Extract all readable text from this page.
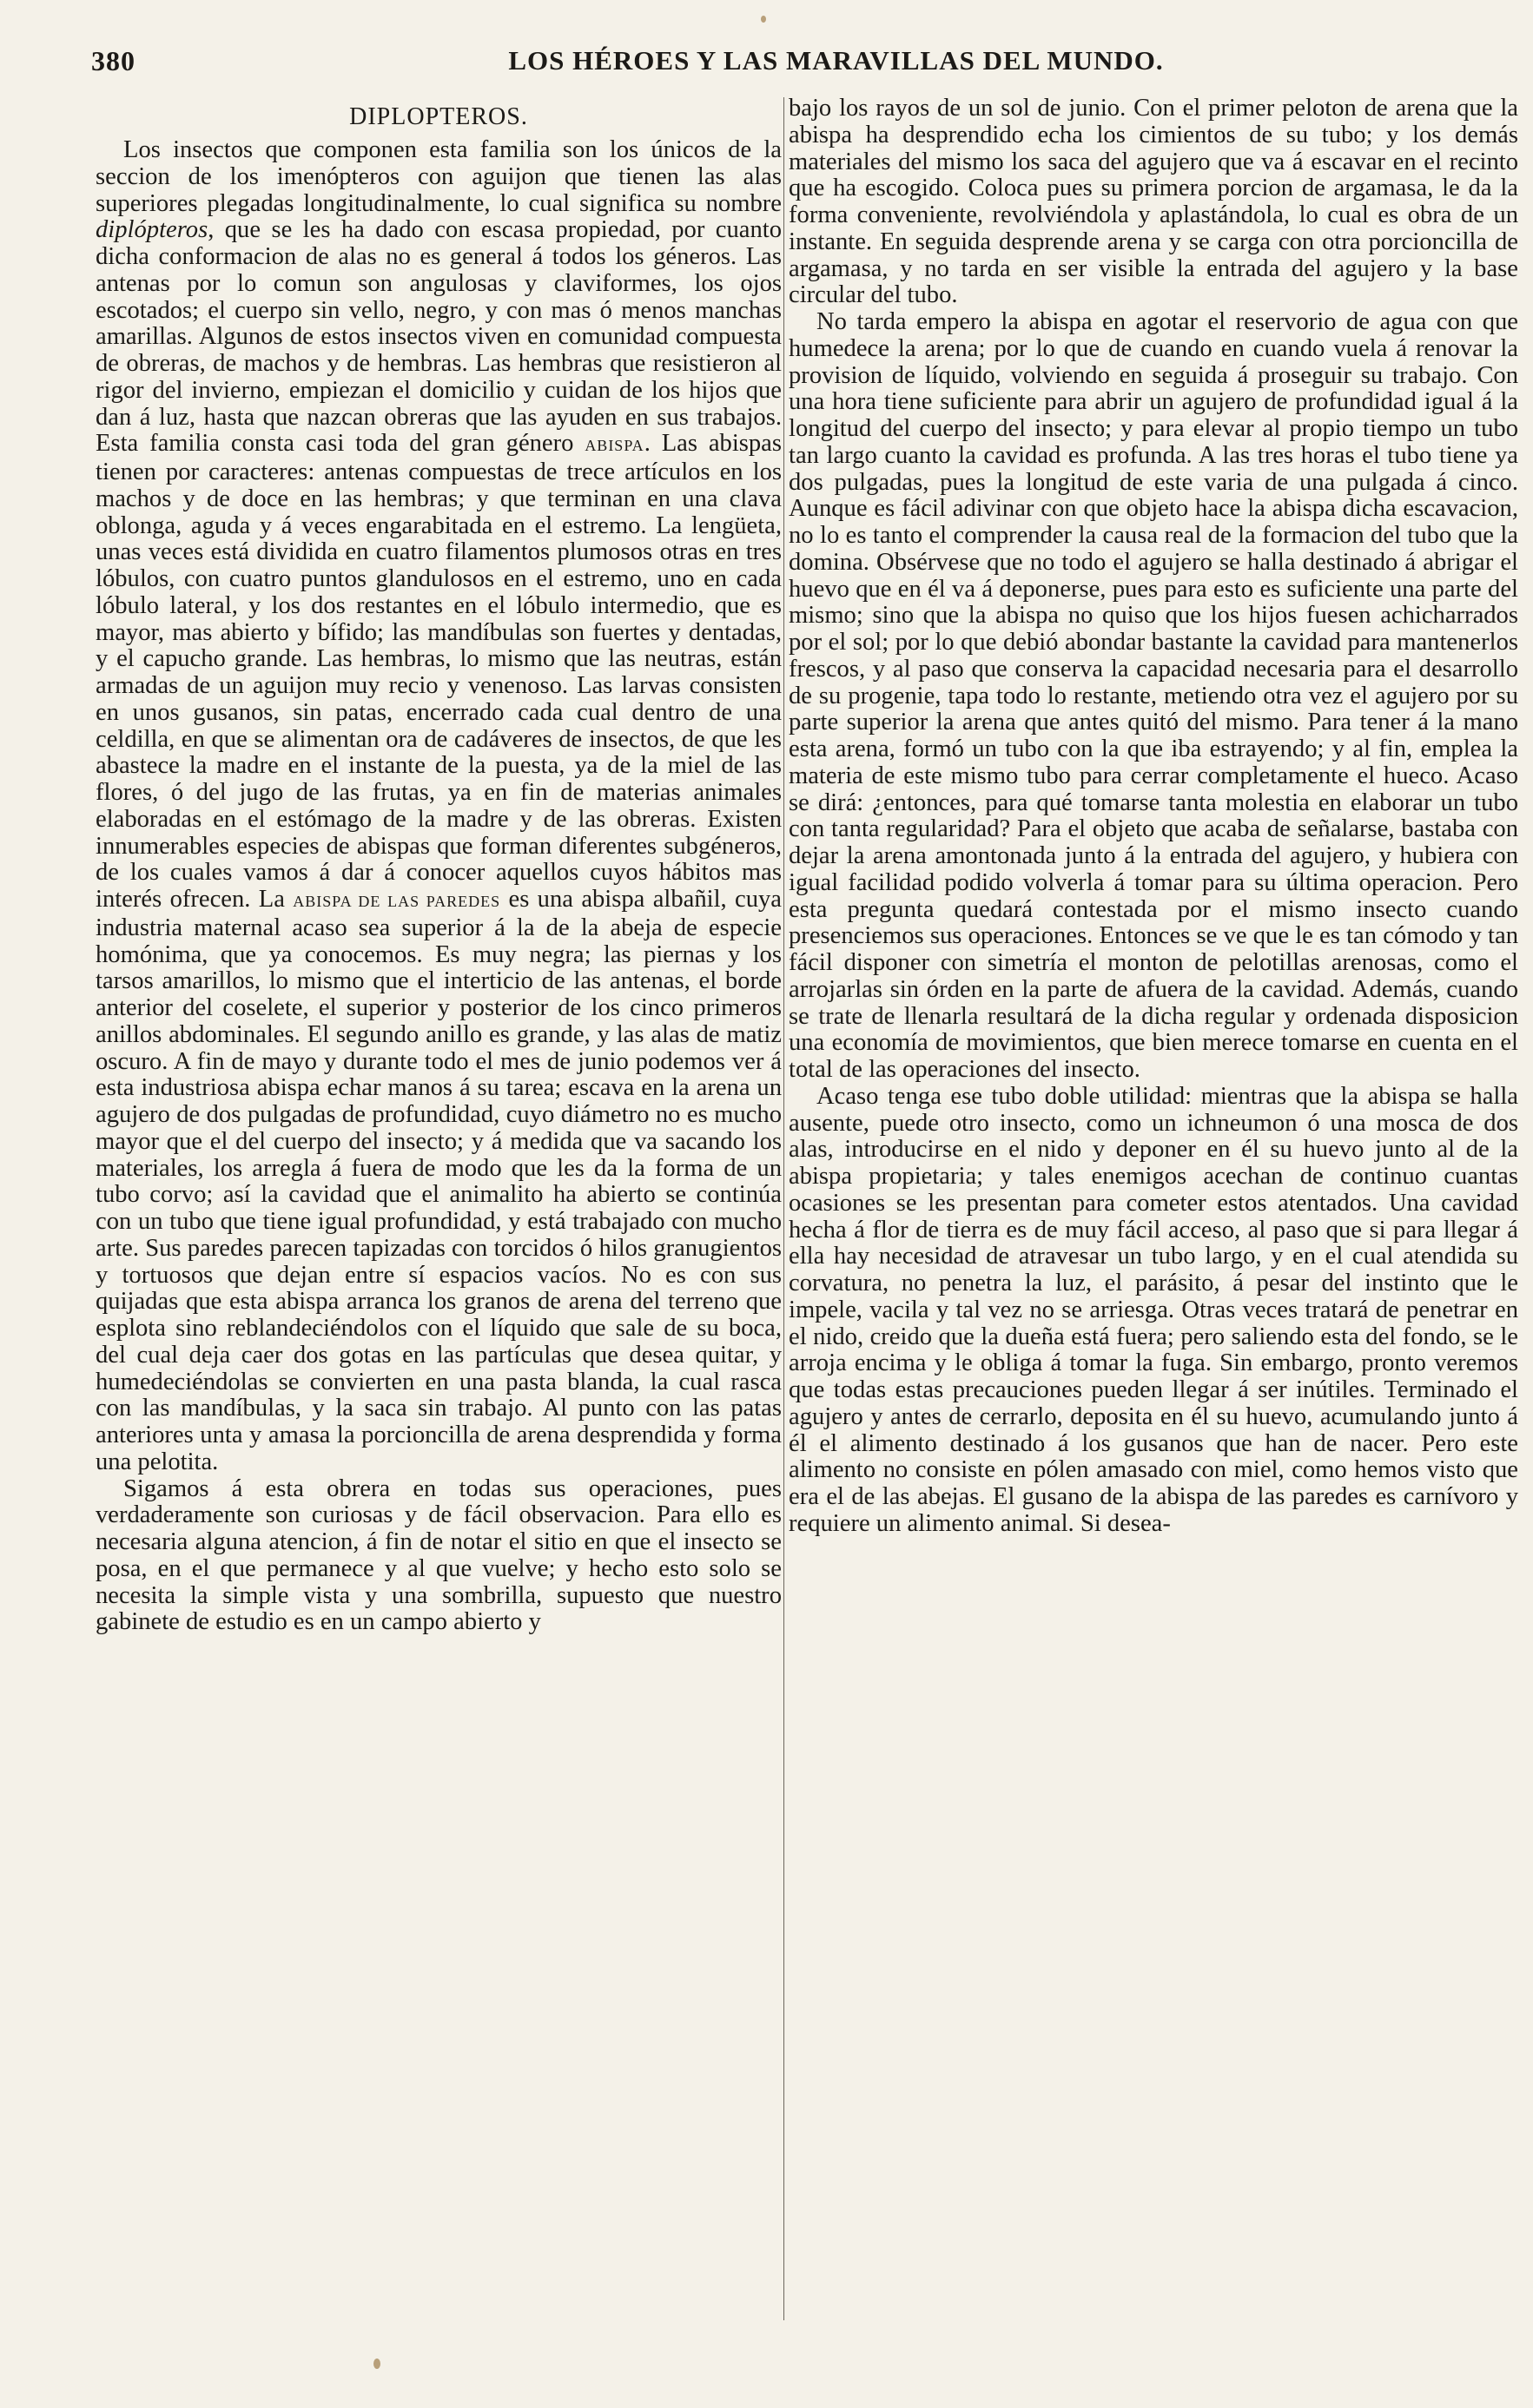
380	LOS HÉROES Y LAS MARAVILLAS DEL MUNDO.
DIPLOPTEROS.

Los insectos que componen esta familia son los únicos de la seccion de los imenópteros con aguijon que tienen las alas superiores plegadas longitudinalmente, lo cual significa su nombre diplópteros, que se les ha dado con escasa propiedad, por cuanto dicha conformacion de alas no es general á todos los géneros. Las antenas por lo comun son angulosas y claviformes, los ojos escotados; el cuerpo sin vello, negro, y con mas ó menos manchas amarillas. Algunos de estos insectos viven en comunidad compuesta de obreras, de machos y de hembras. Las hembras que resistieron al rigor del invierno, empiezan el domicilio y cuidan de los hijos que dan á luz, hasta que nazcan obreras que las ayuden en sus trabajos. Esta familia consta casi toda del gran género ABISPA. Las abispas tienen por caracteres: antenas compuestas de trece artículos en los machos y de doce en las hembras; y que terminan en una clava oblonga, aguda y á veces engarabitada en el estremo. La lengüeta, unas veces está dividida en cuatro filamentos plumosos otras en tres lóbulos, con cuatro puntos glandulosos en el estremo, uno en cada lóbulo lateral, y los dos restantes en el lóbulo intermedio, que es mayor, mas abierto y bífido; las mandíbulas son fuertes y dentadas, y el capucho grande. Las hembras, lo mismo que las neutras, están armadas de un aguijon muy recio y venenoso. Las larvas consisten en unos gusanos, sin patas, encerrado cada cual dentro de una celdilla, en que se alimentan ora de cadáveres de insectos, de que les abastece la madre en el instante de la puesta, ya de la miel de las flores, ó del jugo de las frutas, ya en fin de materias animales elaboradas en el estómago de la madre y de las obreras. Existen innumerables especies de abispas que forman diferentes subgéneros, de los cuales vamos á dar á conocer aquellos cuyos hábitos mas interés ofrecen. La ABISPA DE LAS PAREDES es una abispa albañil, cuya industria maternal acaso sea superior á la de la abeja de especie homónima, que ya conocemos. Es muy negra; las piernas y los tarsos amarillos, lo mismo que el interticio de las antenas, el borde anterior del coselete, el superior y posterior de los cinco primeros anillos abdominales. El segundo anillo es grande, y las alas de matiz oscuro. A fin de mayo y durante todo el mes de junio podemos ver á esta industriosa abispa echar manos á su tarea; escava en la arena un agujero de dos pulgadas de profundidad, cuyo diámetro no es mucho mayor que el del cuerpo del insecto; y á medida que va sacando los materiales, los arregla á fuera de modo que les da la forma de un tubo corvo; así la cavidad que el animalito ha abierto se continúa con un tubo que tiene igual profundidad, y está trabajado con mucho arte. Sus paredes parecen tapizadas con torcidos ó hilos granugientos y tortuosos que dejan entre sí espacios vacíos. No es con sus quijadas que esta abispa arranca los granos de arena del terreno que esplota sino reblandeciéndolos con el líquido que sale de su boca, del cual deja caer dos gotas en las partículas que desea quitar, y humedeciéndolas se convierten en una pasta blanda, la cual rasca con las mandíbulas, y la saca sin trabajo. Al punto con las patas anteriores unta y amasa la porcioncilla de arena desprendida y forma una pelotita.

Sigamos á esta obrera en todas sus operaciones, pues verdaderamente son curiosas y de fácil observacion. Para ello es necesaria alguna atencion, á fin de notar el sitio en que el insecto se posa, en el que permanece y al que vuelve; y hecho esto solo se necesita la simple vista y una sombrilla, supuesto que nuestro gabinete de estudio es en un campo abierto y

bajo los rayos de un sol de junio. Con el primer peloton de arena que la abispa ha desprendido echa los cimientos de su tubo; y los demás materiales del mismo los saca del agujero que va á escavar en el recinto que ha escogido. Coloca pues su primera porcion de argamasa, le da la forma conveniente, revolviéndola y aplastándola, lo cual es obra de un instante. En seguida desprende arena y se carga con otra porcioncilla de argamasa, y no tarda en ser visible la entrada del agujero y la base circular del tubo.

No tarda empero la abispa en agotar el reservorio de agua con que humedece la arena; por lo que de cuando en cuando vuela á renovar la provision de líquido, volviendo en seguida á proseguir su trabajo. Con una hora tiene suficiente para abrir un agujero de profundidad igual á la longitud del cuerpo del insecto; y para elevar al propio tiempo un tubo tan largo cuanto la cavidad es profunda. A las tres horas el tubo tiene ya dos pulgadas, pues la longitud de este varia de una pulgada á cinco. Aunque es fácil adivinar con que objeto hace la abispa dicha escavacion, no lo es tanto el comprender la causa real de la formacion del tubo que la domina. Obsérvese que no todo el agujero se halla destinado á abrigar el huevo que en él va á deponerse, pues para esto es suficiente una parte del mismo; sino que la abispa no quiso que los hijos fuesen achicharrados por el sol; por lo que debió abondar bastante la cavidad para mantenerlos frescos, y al paso que conserva la capacidad necesaria para el desarrollo de su progenie, tapa todo lo restante, metiendo otra vez el agujero por su parte superior la arena que antes quitó del mismo. Para tener á la mano esta arena, formó un tubo con la que iba estrayendo; y al fin, emplea la materia de este mismo tubo para cerrar completamente el hueco. Acaso se dirá: ¿entonces, para qué tomarse tanta molestia en elaborar un tubo con tanta regularidad? Para el objeto que acaba de señalarse, bastaba con dejar la arena amontonada junto á la entrada del agujero, y hubiera con igual facilidad podido volverla á tomar para su última operacion. Pero esta pregunta quedará contestada por el mismo insecto cuando presenciemos sus operaciones. Entonces se ve que le es tan cómodo y tan fácil disponer con simetría el monton de pelotillas arenosas, como el arrojarlas sin órden en la parte de afuera de la cavidad. Además, cuando se trate de llenarla resultará de la dicha regular y ordenada disposicion una economía de movimientos, que bien merece tomarse en cuenta en el total de las operaciones del insecto.

Acaso tenga ese tubo doble utilidad: mientras que la abispa se halla ausente, puede otro insecto, como un ichneumon ó una mosca de dos alas, introducirse en el nido y deponer en él su huevo junto al de la abispa propietaria; y tales enemigos acechan de continuo cuantas ocasiones se les presentan para cometer estos atentados. Una cavidad hecha á flor de tierra es de muy fácil acceso, al paso que si para llegar á ella hay necesidad de atravesar un tubo largo, y en el cual atendida su corvatura, no penetra la luz, el parásito, á pesar del instinto que le impele, vacila y tal vez no se arriesga. Otras veces tratará de penetrar en el nido, creido que la dueña está fuera; pero saliendo esta del fondo, se le arroja encima y le obliga á tomar la fuga. Sin embargo, pronto veremos que todas estas precauciones pueden llegar á ser inútiles. Terminado el agujero y antes de cerrarlo, deposita en él su huevo, acumulando junto á él el alimento destinado á los gusanos que han de nacer. Pero este alimento no consiste en pólen amasado con miel, como hemos visto que era el de las abejas. El gusano de la abispa de las paredes es carnívoro y requiere un alimento animal. Si desea-
